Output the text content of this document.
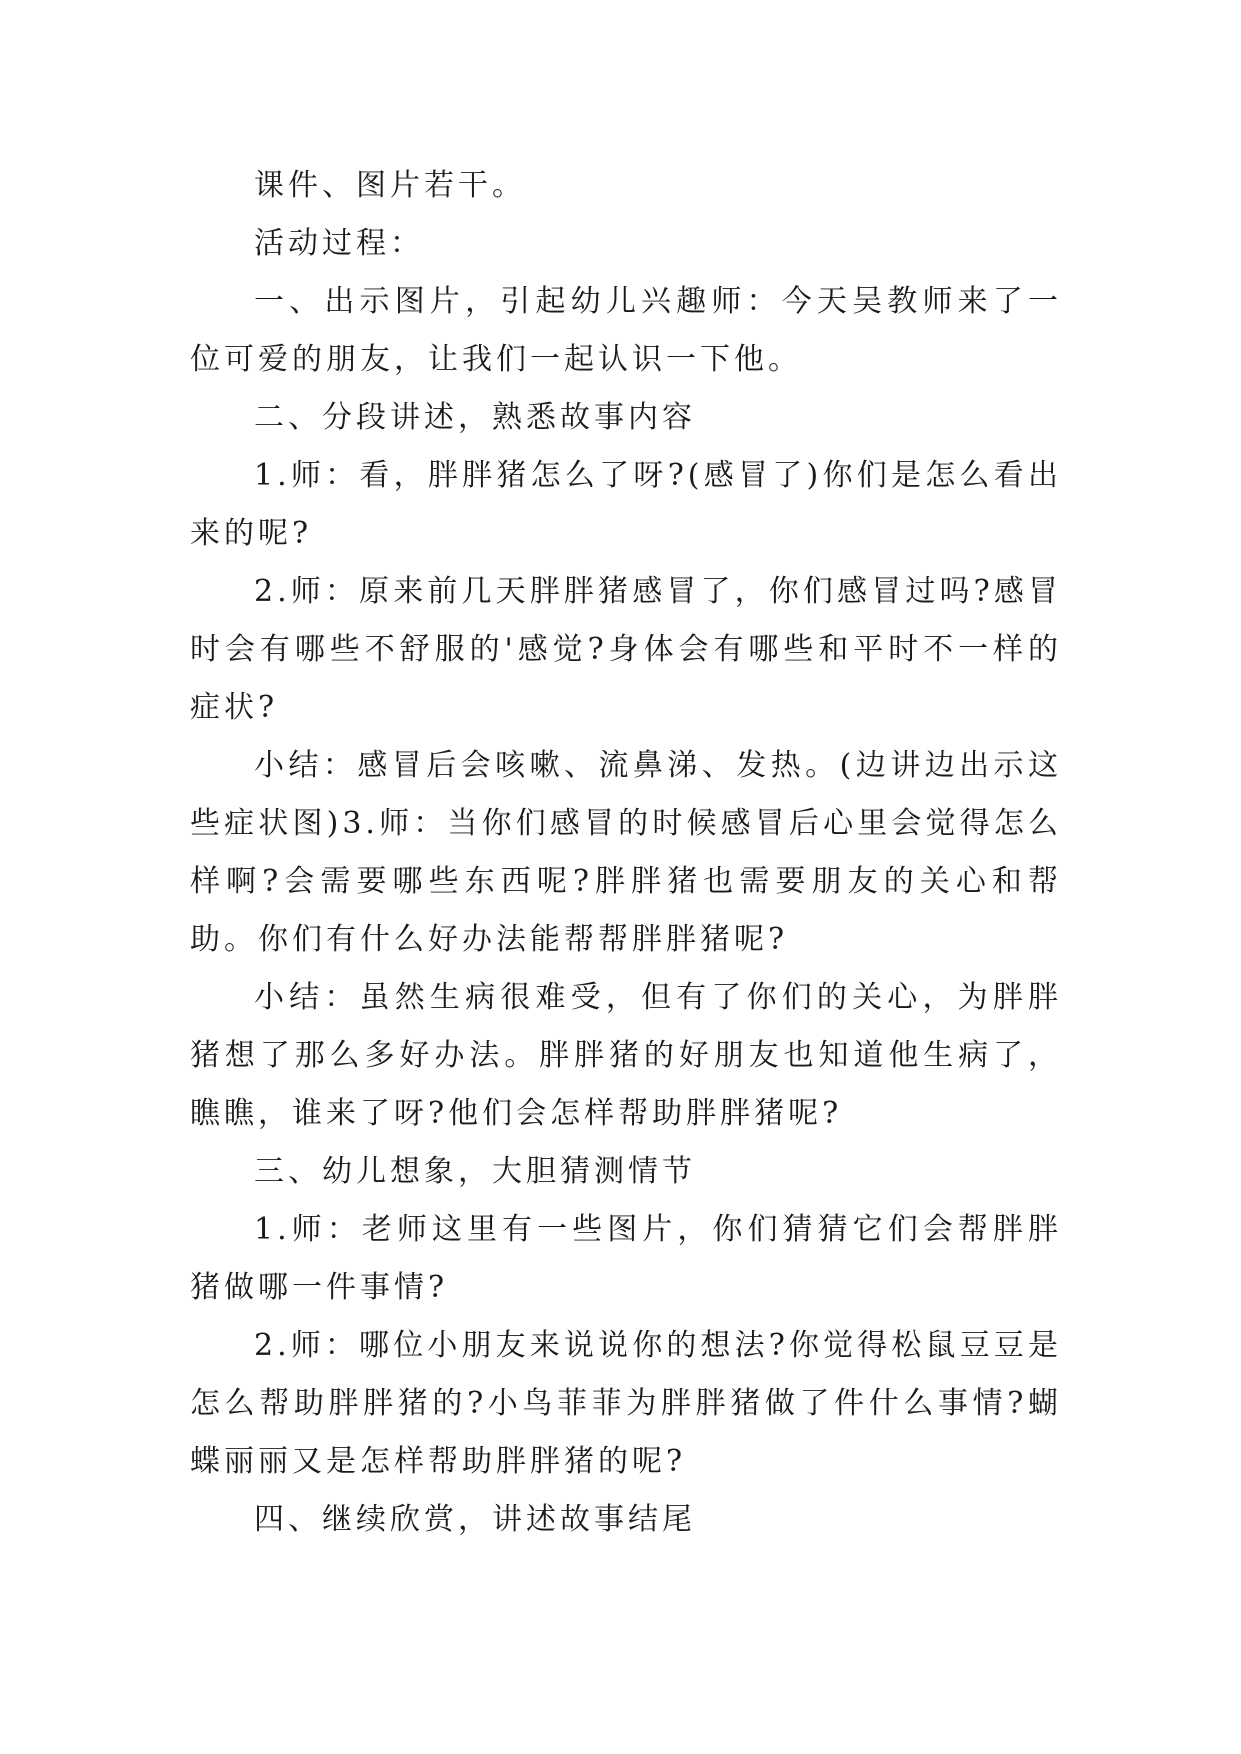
课件、图片若干。

活动过程：

一、出示图片，引起幼儿兴趣师：今天吴教师来了一位可爱的朋友，让我们一起认识一下他。

二、分段讲述，熟悉故事内容

1.师：看，胖胖猪怎么了呀?(感冒了)你们是怎么看出来的呢?

2.师：原来前几天胖胖猪感冒了，你们感冒过吗?感冒时会有哪些不舒服的'感觉?身体会有哪些和平时不一样的症状?

小结：感冒后会咳嗽、流鼻涕、发热。(边讲边出示这些症状图)3.师：当你们感冒的时候感冒后心里会觉得怎么样啊?会需要哪些东西呢?胖胖猪也需要朋友的关心和帮助。你们有什么好办法能帮帮胖胖猪呢?

小结：虽然生病很难受，但有了你们的关心，为胖胖猪想了那么多好办法。胖胖猪的好朋友也知道他生病了，瞧瞧，谁来了呀?他们会怎样帮助胖胖猪呢?

三、幼儿想象，大胆猜测情节

1.师：老师这里有一些图片，你们猜猜它们会帮胖胖猪做哪一件事情?

2.师：哪位小朋友来说说你的想法?你觉得松鼠豆豆是怎么帮助胖胖猪的?小鸟菲菲为胖胖猪做了件什么事情?蝴蝶丽丽又是怎样帮助胖胖猪的呢?

四、继续欣赏，讲述故事结尾
